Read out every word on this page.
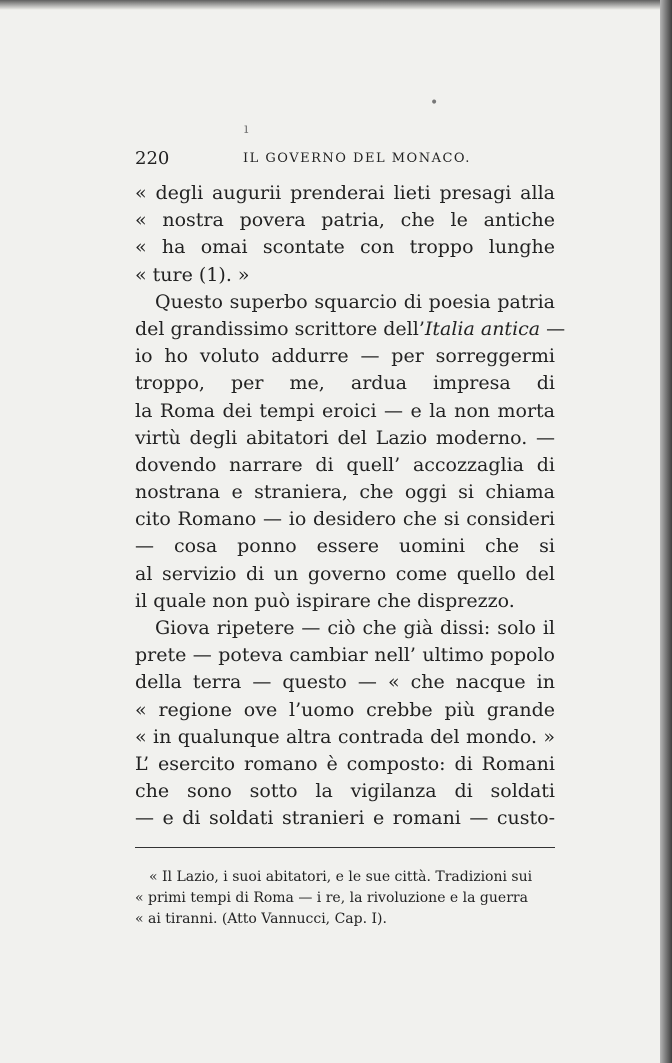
ı
•
220	IL GOVERNO DEL MONACO.
« degli augurii prenderai lieti presagi alla
« nostra povera patria, che le antiche
« ha omai scontate con troppo lunghe
« ture (1). »
Questo superbo squarcio di poesia patria
del grandissimo scrittore dell’Italia antica —
io ho voluto addurre — per sorreggermi
troppo, per me, ardua impresa di
la Roma dei tempi eroici — e la non morta
virtù degli abitatori del Lazio moderno. —
dovendo narrare di quell’ accozzaglia di
nostrana e straniera, che oggi si chiama
cito Romano — io desidero che si consideri
— cosa ponno essere uomini che si
al servizio di un governo come quello del
il quale non può ispirare che disprezzo.
Giova ripetere — ciò che già dissi: solo il
prete — poteva cambiar nell’ ultimo popolo
della terra — questo — « che nacque in
« regione ove l’uomo crebbe più grande
« in qualunque altra contrada del mondo. »
L’ esercito romano è composto: di Romani
che sono sotto la vigilanza di soldati
— e di soldati stranieri e romani — custo-
« Il Lazio, i suoi abitatori, e le sue città. Tradizioni sui
« primi tempi di Roma — i re, la rivoluzione e la guerra
« ai tiranni. (Atto Vannucci, Cap. I).
